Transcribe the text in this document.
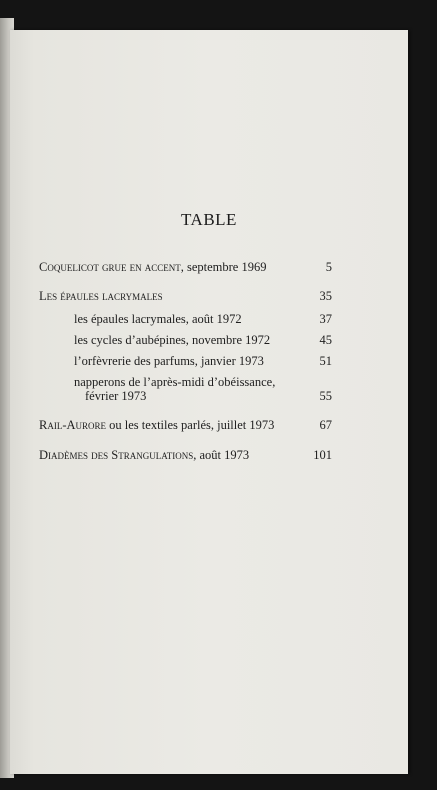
TABLE
Coquelicot grue en accent, septembre 1969	5
Les épaules lacrymales	35
les épaules lacrymales, août 1972	37
les cycles d’aubépines, novembre 1972	45
l’orfèvrerie des parfums, janvier 1973	51
napperons de l’après-midi d’obéissance,
février 1973	55
Rail-Aurore ou les textiles parlés, juillet 1973	67
Diadèmes des Strangulations, août 1973	101
